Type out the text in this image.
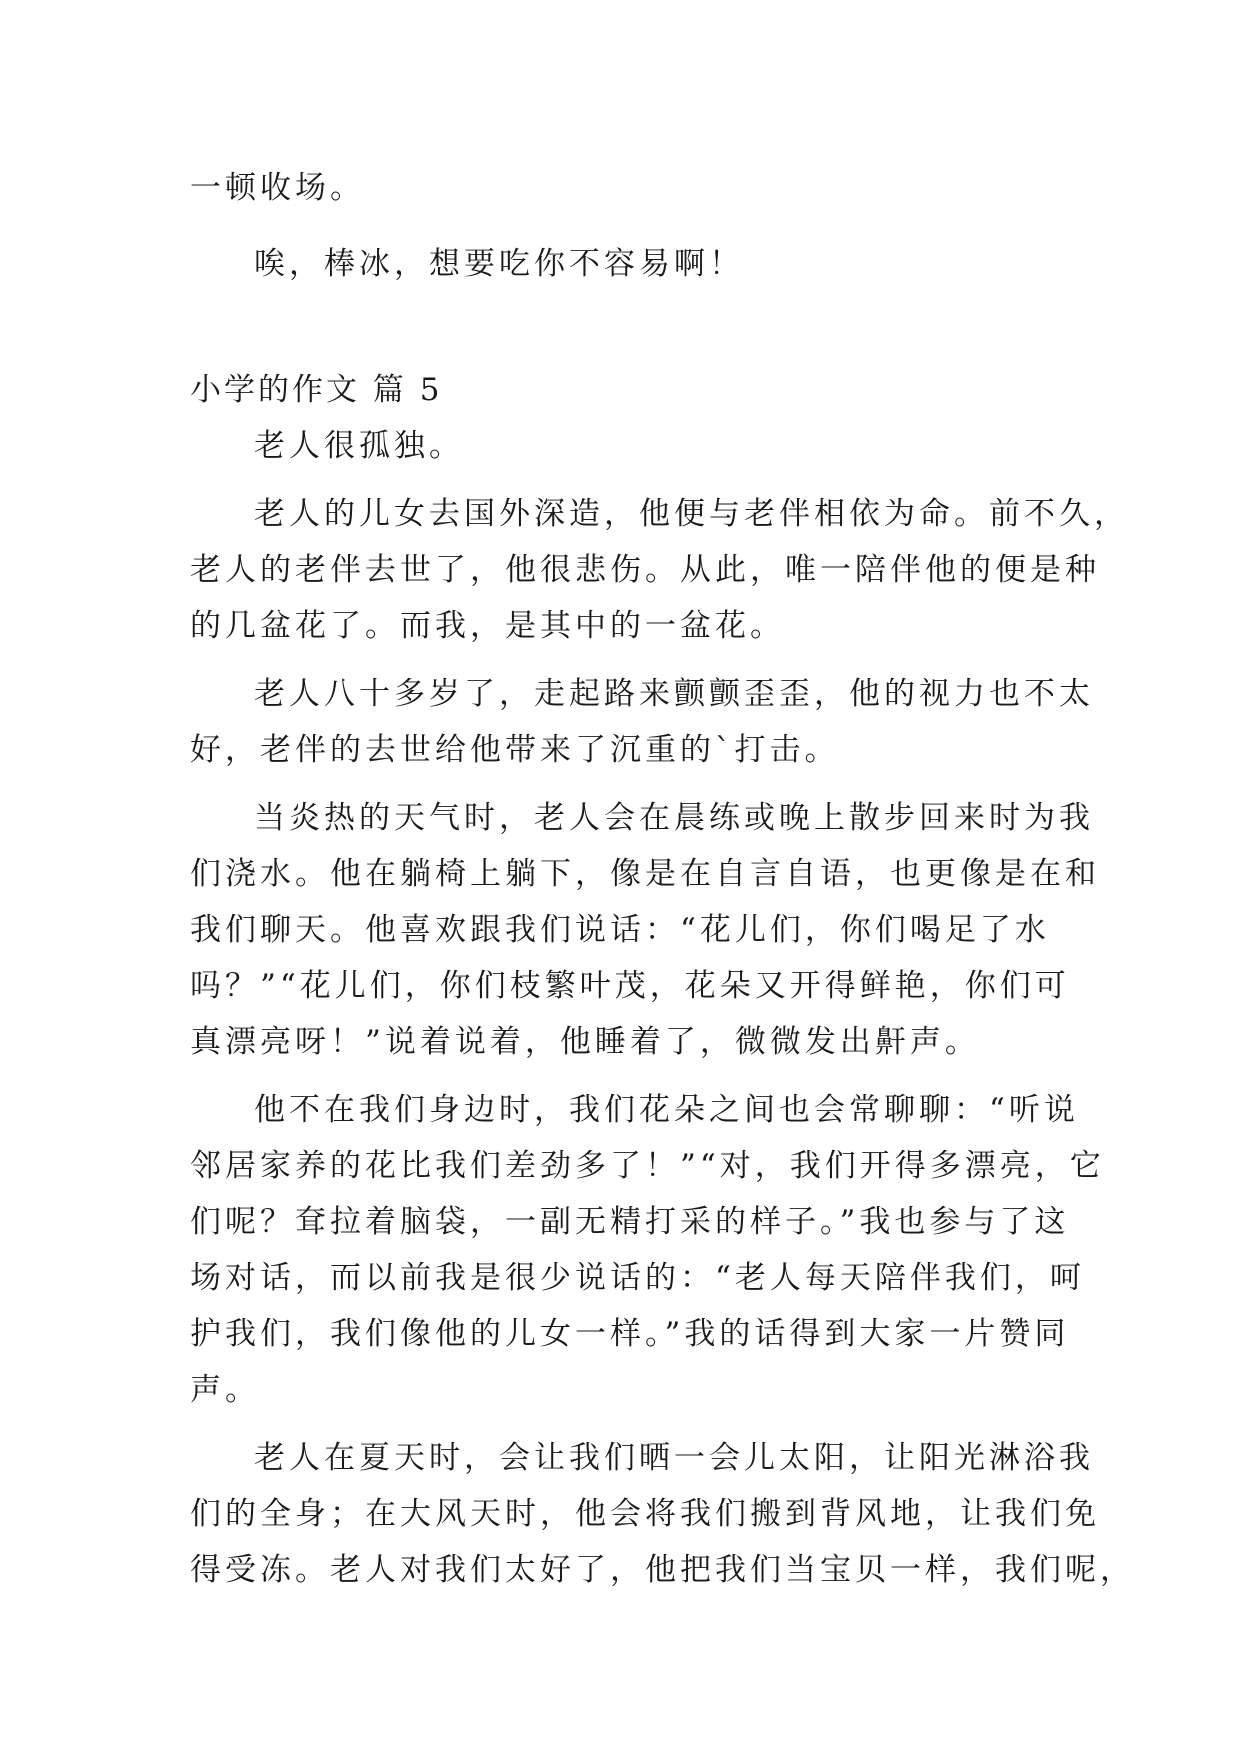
一顿收场。

唉，棒冰，想要吃你不容易啊！

小学的作文 篇 5

老人很孤独。

老人的儿女去国外深造，他便与老伴相依为命。前不久，

老人的老伴去世了，他很悲伤。从此，唯一陪伴他的便是种

的几盆花了。而我，是其中的一盆花。

老人八十多岁了，走起路来颤颤歪歪，他的视力也不太

好，老伴的去世给他带来了沉重的`打击。

当炎热的天气时，老人会在晨练或晚上散步回来时为我

们浇水。他在躺椅上躺下，像是在自言自语，也更像是在和

我们聊天。他喜欢跟我们说话：“花儿们，你们喝足了水

吗？”“花儿们，你们枝繁叶茂，花朵又开得鲜艳，你们可

真漂亮呀！”说着说着，他睡着了，微微发出鼾声。

他不在我们身边时，我们花朵之间也会常聊聊：“听说

邻居家养的花比我们差劲多了！”“对，我们开得多漂亮，它

们呢？耷拉着脑袋，一副无精打采的样子。”我也参与了这

场对话，而以前我是很少说话的：“老人每天陪伴我们，呵

护我们，我们像他的儿女一样。”我的话得到大家一片赞同

声。

老人在夏天时，会让我们晒一会儿太阳，让阳光淋浴我

们的全身；在大风天时，他会将我们搬到背风地，让我们免

得受冻。老人对我们太好了，他把我们当宝贝一样，我们呢，
